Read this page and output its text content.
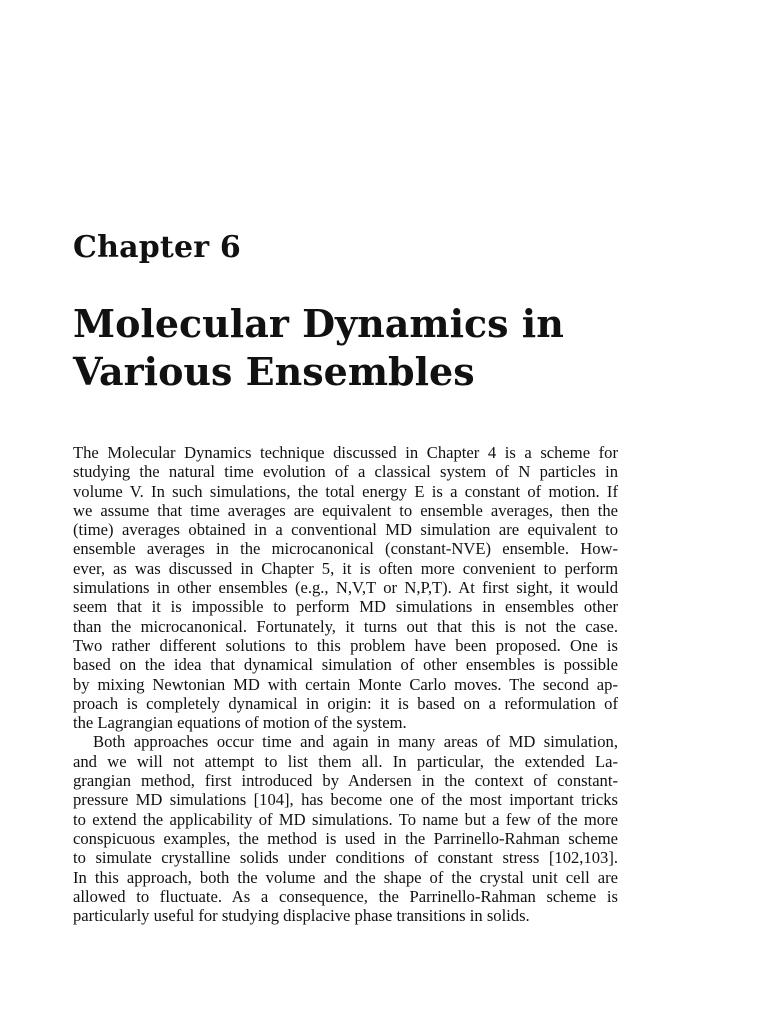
Chapter 6
Molecular Dynamics in
Various Ensembles

The Molecular Dynamics technique discussed in Chapter 4 is a scheme for
studying the natural time evolution of a classical system of N particles in
volume V. In such simulations, the total energy E is a constant of motion. If
we assume that time averages are equivalent to ensemble averages, then the
(time) averages obtained in a conventional MD simulation are equivalent to
ensemble averages in the microcanonical (constant-NVE) ensemble. How-
ever, as was discussed in Chapter 5, it is often more convenient to perform
simulations in other ensembles (e.g., N,V,T or N,P,T). At first sight, it would
seem that it is impossible to perform MD simulations in ensembles other
than the microcanonical. Fortunately, it turns out that this is not the case.
Two rather different solutions to this problem have been proposed. One is
based on the idea that dynamical simulation of other ensembles is possible
by mixing Newtonian MD with certain Monte Carlo moves. The second ap-
proach is completely dynamical in origin: it is based on a reformulation of
the Lagrangian equations of motion of the system.

Both approaches occur time and again in many areas of MD simulation,
and we will not attempt to list them all. In particular, the extended La-
grangian method, first introduced by Andersen in the context of constant-
pressure MD simulations [104], has become one of the most important tricks
to extend the applicability of MD simulations. To name but a few of the more
conspicuous examples, the method is used in the Parrinello-Rahman scheme
to simulate crystalline solids under conditions of constant stress [102,103].
In this approach, both the volume and the shape of the crystal unit cell are
allowed to fluctuate. As a consequence, the Parrinello-Rahman scheme is
particularly useful for studying displacive phase transitions in solids.
